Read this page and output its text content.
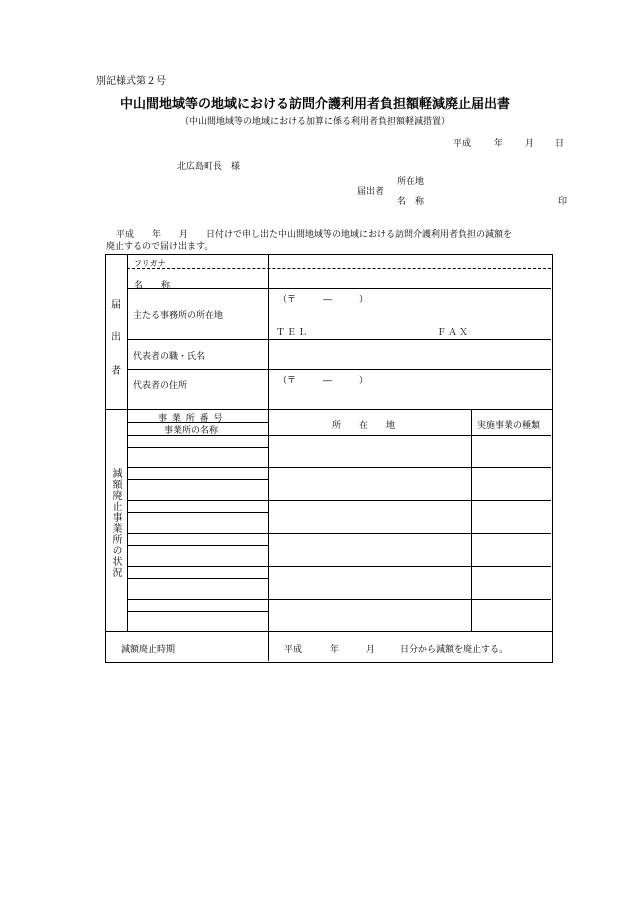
別記様式第２号
中山間地域等の地域における訪問介護利用者負担額軽減廃止届出書
（中山間地域等の地域における加算に係る利用者負担額軽減措置）
平成	年 月 日
北広島町長　様
所在地
届出者
名　称	印
平成　　年　　月　　日付けで申し出た中山間地域等の地域における訪問介護利用者負担の減額を
廃止するので届け出ます。
届
出
者
フリガナ
名　　称
主たる事務所の所在地
（〒　　　―　　　）
ＴＥＬ	ＦＡＸ
代表者の職・氏名
代表者の住所	（〒　　　―　　　）
減額廃止事業所の状況
事 業 所 番 号
事業所の名称	所　　在　　地	実施事業の種類
減額廃止時期	平成	年	月	日分から減額を廃止する。
